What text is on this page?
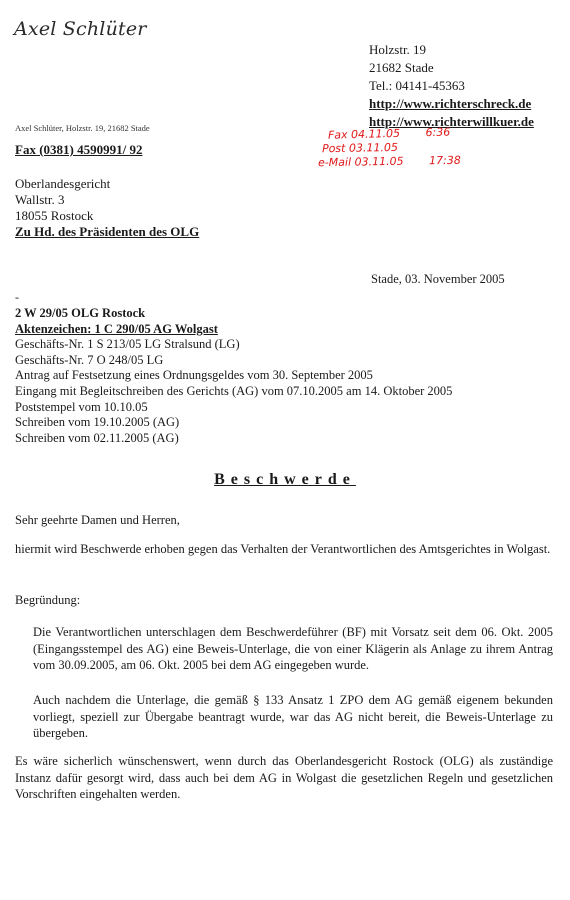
Axel Schlüter
Holzstr. 19
21682 Stade
Tel.: 04141-45363
http://www.richterschreck.de
http://www.richterwillkuer.de
Axel Schlüter, Holzstr. 19, 21682 Stade
Fax (0381) 4590991/ 92
Fax 04.11.05 6:36
Post 03.11.05
e-Mail 03.11.05 17:38
Oberlandesgericht
Wallstr. 3
18055 Rostock
Zu Hd. des Präsidenten des OLG
Stade, 03. November 2005
-
2 W 29/05 OLG Rostock
Aktenzeichen: 1 C 290/05 AG Wolgast
Geschäfts-Nr. 1 S 213/05 LG Stralsund (LG)
Geschäfts-Nr. 7 O 248/05 LG
Antrag auf Festsetzung eines Ordnungsgeldes vom 30. September 2005
Eingang mit Begleitschreiben des Gerichts (AG) vom 07.10.2005 am 14. Oktober 2005
Poststempel vom 10.10.05
Schreiben vom 19.10.2005 (AG)
Schreiben vom 02.11.2005 (AG)
Beschwerde
Sehr geehrte Damen und Herren,
hiermit wird Beschwerde erhoben gegen das Verhalten der Verantwortlichen des Amtsgerichtes in Wolgast.
Begründung:
Die Verantwortlichen unterschlagen dem Beschwerdeführer (BF) mit Vorsatz seit dem 06. Okt. 2005 (Eingangsstempel des AG) eine Beweis-Unterlage, die von einer Klägerin als Anlage zu ihrem Antrag vom 30.09.2005, am 06. Okt. 2005 bei dem AG eingegeben wurde.
Auch nachdem die Unterlage, die gemäß § 133 Ansatz 1 ZPO dem AG gemäß eigenem bekunden vorliegt, speziell zur Übergabe beantragt wurde, war das AG nicht bereit, die Beweis-Unterlage zu übergeben.
Es wäre sicherlich wünschenswert, wenn durch das Oberlandesgericht Rostock (OLG) als zuständige Instanz dafür gesorgt wird, dass auch bei dem AG in Wolgast die gesetzlichen Regeln und gesetzlichen Vorschriften eingehalten werden.
